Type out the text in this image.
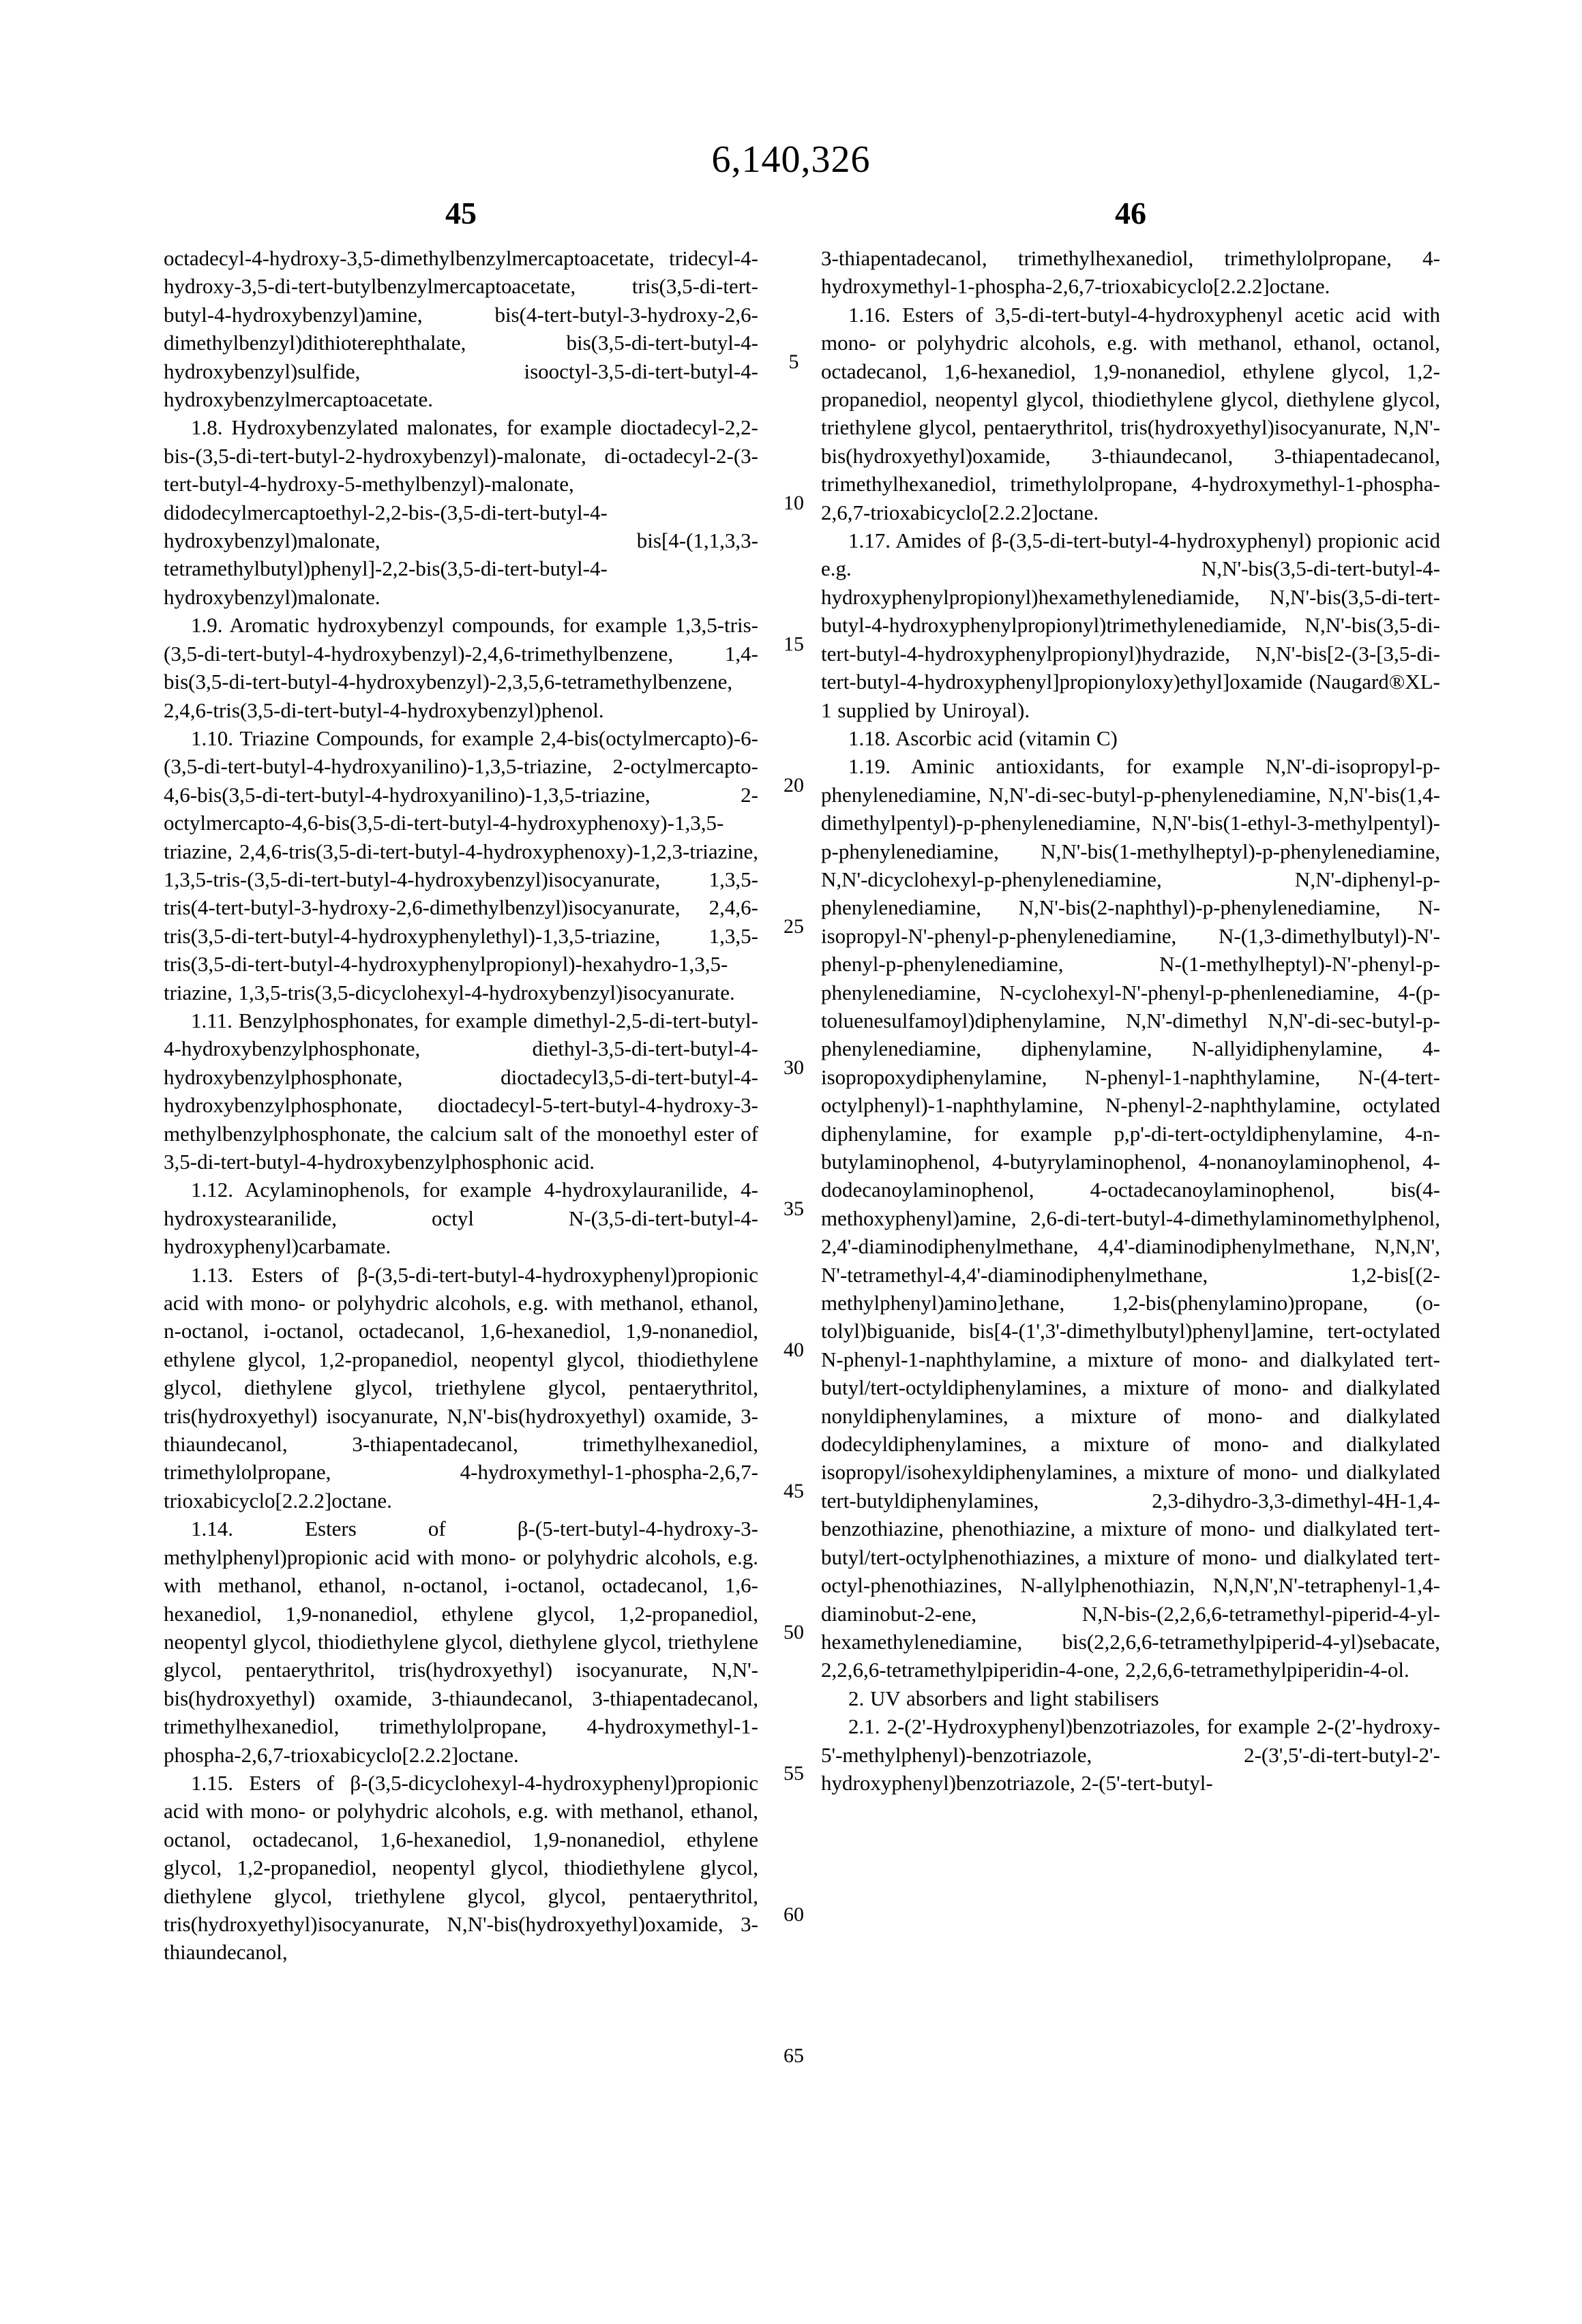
6,140,326
45	46

octadecyl-4-hydroxy-3,5-dimethylbenzylmercaptoacetate, tridecyl-4-hydroxy-3,5-di-tert-butylbenzylmercaptoacetate, tris(3,5-di-tert-butyl-4-hydroxybenzyl)amine, bis(4-tert-butyl-3-hydroxy-2,6-dimethylbenzyl)dithioterephthalate, bis(3,5-di-tert-butyl-4-hydroxybenzyl)sulfide, isooctyl-3,5-di-tert-butyl-4-hydroxybenzylmercaptoacetate.

1.8. Hydroxybenzylated malonates, for example dioctadecyl-2,2-bis-(3,5-di-tert-butyl-2-hydroxybenzyl)-malonate, di-octadecyl-2-(3-tert-butyl-4-hydroxy-5-methylbenzyl)-malonate, didodecylmercaptoethyl-2,2-bis-(3,5-di-tert-butyl-4-hydroxybenzyl)malonate, bis[4-(1,1,3,3-tetramethylbutyl)phenyl]-2,2-bis(3,5-di-tert-butyl-4-hydroxybenzyl)malonate.

1.9. Aromatic hydroxybenzyl compounds, for example 1,3,5-tris-(3,5-di-tert-butyl-4-hydroxybenzyl)-2,4,6-trimethylbenzene, 1,4-bis(3,5-di-tert-butyl-4-hydroxybenzyl)-2,3,5,6-tetramethylbenzene, 2,4,6-tris(3,5-di-tert-butyl-4-hydroxybenzyl)phenol.

1.10. Triazine Compounds, for example 2,4-bis(octylmercapto)-6-(3,5-di-tert-butyl-4-hydroxyanilino)-1,3,5-triazine, 2-octylmercapto-4,6-bis(3,5-di-tert-butyl-4-hydroxyanilino)-1,3,5-triazine, 2-octylmercapto-4,6-bis(3,5-di-tert-butyl-4-hydroxyphenoxy)-1,3,5-triazine, 2,4,6-tris(3,5-di-tert-butyl-4-hydroxyphenoxy)-1,2,3-triazine, 1,3,5-tris-(3,5-di-tert-butyl-4-hydroxybenzyl)isocyanurate, 1,3,5-tris(4-tert-butyl-3-hydroxy-2,6-dimethylbenzyl)isocyanurate, 2,4,6-tris(3,5-di-tert-butyl-4-hydroxyphenylethyl)-1,3,5-triazine, 1,3,5-tris(3,5-di-tert-butyl-4-hydroxyphenylpropionyl)-hexahydro-1,3,5-triazine, 1,3,5-tris(3,5-dicyclohexyl-4-hydroxybenzyl)isocyanurate.

1.11. Benzylphosphonates, for example dimethyl-2,5-di-tert-butyl-4-hydroxybenzylphosphonate, diethyl-3,5-di-tert-butyl-4-hydroxybenzylphosphonate, dioctadecyl3,5-di-tert-butyl-4-hydroxybenzylphosphonate, dioctadecyl-5-tert-butyl-4-hydroxy-3-methylbenzylphosphonate, the calcium salt of the monoethyl ester of 3,5-di-tert-butyl-4-hydroxybenzylphosphonic acid.

1.12. Acylaminophenols, for example 4-hydroxylauranilide, 4-hydroxystearanilide, octyl N-(3,5-di-tert-butyl-4-hydroxyphenyl)carbamate.

1.13. Esters of β-(3,5-di-tert-butyl-4-hydroxyphenyl)propionic acid with mono- or polyhydric alcohols, e.g. with methanol, ethanol, n-octanol, i-octanol, octadecanol, 1,6-hexanediol, 1,9-nonanediol, ethylene glycol, 1,2-propanediol, neopentyl glycol, thiodiethylene glycol, diethylene glycol, triethylene glycol, pentaerythritol, tris(hydroxyethyl) isocyanurate, N,N'-bis(hydroxyethyl) oxamide, 3-thiaundecanol, 3-thiapentadecanol, trimethylhexanediol, trimethylolpropane, 4-hydroxymethyl-1-phospha-2,6,7-trioxabicyclo[2.2.2]octane.

1.14. Esters of β-(5-tert-butyl-4-hydroxy-3-methylphenyl)propionic acid with mono- or polyhydric alcohols, e.g. with methanol, ethanol, n-octanol, i-octanol, octadecanol, 1,6-hexanediol, 1,9-nonanediol, ethylene glycol, 1,2-propanediol, neopentyl glycol, thiodiethylene glycol, diethylene glycol, triethylene glycol, pentaerythritol, tris(hydroxyethyl) isocyanurate, N,N'-bis(hydroxyethyl) oxamide, 3-thiaundecanol, 3-thiapentadecanol, trimethylhexanediol, trimethylolpropane, 4-hydroxymethyl-1-phospha-2,6,7-trioxabicyclo[2.2.2]octane.

1.15. Esters of β-(3,5-dicyclohexyl-4-hydroxyphenyl)propionic acid with mono- or polyhydric alcohols, e.g. with methanol, ethanol, octanol, octadecanol, 1,6-hexanediol, 1,9-nonanediol, ethylene glycol, 1,2-propanediol, neopentyl glycol, thiodiethylene glycol, diethylene glycol, triethylene glycol, glycol, pentaerythritol, tris(hydroxyethyl)isocyanurate, N,N'-bis(hydroxyethyl)oxamide, 3-thiaundecanol,

3-thiapentadecanol, trimethylhexanediol, trimethylolpropane, 4-hydroxymethyl-1-phospha-2,6,7-trioxabicyclo[2.2.2]octane.

1.16. Esters of 3,5-di-tert-butyl-4-hydroxyphenyl acetic acid with mono- or polyhydric alcohols, e.g. with methanol, ethanol, octanol, octadecanol, 1,6-hexanediol, 1,9-nonanediol, ethylene glycol, 1,2-propanediol, neopentyl glycol, thiodiethylene glycol, diethylene glycol, triethylene glycol, pentaerythritol, tris(hydroxyethyl)isocyanurate, N,N'-bis(hydroxyethyl)oxamide, 3-thiaundecanol, 3-thiapentadecanol, trimethylhexanediol, trimethylolpropane, 4-hydroxymethyl-1-phospha-2,6,7-trioxabicyclo[2.2.2]octane.

1.17. Amides of β-(3,5-di-tert-butyl-4-hydroxyphenyl) propionic acid e.g. N,N'-bis(3,5-di-tert-butyl-4-hydroxyphenylpropionyl)hexamethylenediamide, N,N'-bis(3,5-di-tert-butyl-4-hydroxyphenylpropionyl)trimethylenediamide, N,N'-bis(3,5-di-tert-butyl-4-hydroxyphenylpropionyl)hydrazide, N,N'-bis[2-(3-[3,5-di-tert-butyl-4-hydroxyphenyl]propionyloxy)ethyl]oxamide (Naugard®XL-1 supplied by Uniroyal).

1.18. Ascorbic acid (vitamin C)

1.19. Aminic antioxidants, for example N,N'-di-isopropyl-p-phenylenediamine, N,N'-di-sec-butyl-p-phenylenediamine, N,N'-bis(1,4-dimethylpentyl)-p-phenylenediamine, N,N'-bis(1-ethyl-3-methylpentyl)-p-phenylenediamine, N,N'-bis(1-methylheptyl)-p-phenylenediamine, N,N'-dicyclohexyl-p-phenylenediamine, N,N'-diphenyl-p-phenylenediamine, N,N'-bis(2-naphthyl)-p-phenylenediamine, N-isopropyl-N'-phenyl-p-phenylenediamine, N-(1,3-dimethylbutyl)-N'-phenyl-p-phenylenediamine, N-(1-methylheptyl)-N'-phenyl-p-phenylenediamine, N-cyclohexyl-N'-phenyl-p-phenlenediamine, 4-(p-toluenesulfamoyl)diphenylamine, N,N'-dimethyl N,N'-di-sec-butyl-p-phenylenediamine, diphenylamine, N-allyidiphenylamine, 4-isopropoxydiphenylamine, N-phenyl-1-naphthylamine, N-(4-tert-octylphenyl)-1-naphthylamine, N-phenyl-2-naphthylamine, octylated diphenylamine, for example p,p'-di-tert-octyldiphenylamine, 4-n-butylaminophenol, 4-butyrylaminophenol, 4-nonanoylaminophenol, 4-dodecanoylaminophenol, 4-octadecanoylaminophenol, bis(4-methoxyphenyl)amine, 2,6-di-tert-butyl-4-dimethylaminomethylphenol, 2,4'-diaminodiphenylmethane, 4,4'-diaminodiphenylmethane, N,N,N', N'-tetramethyl-4,4'-diaminodiphenylmethane, 1,2-bis[(2-methylphenyl)amino]ethane, 1,2-bis(phenylamino)propane, (o-tolyl)biguanide, bis[4-(1',3'-dimethylbutyl)phenyl]amine, tert-octylated N-phenyl-1-naphthylamine, a mixture of mono- and dialkylated tert-butyl/tert-octyldiphenylamines, a mixture of mono- and dialkylated nonyldiphenylamines, a mixture of mono- and dialkylated dodecyldiphenylamines, a mixture of mono- and dialkylated isopropyl/isohexyldiphenylamines, a mixture of mono- und dialkylated tert-butyldiphenylamines, 2,3-dihydro-3,3-dimethyl-4H-1,4-benzothiazine, phenothiazine, a mixture of mono- und dialkylated tert-butyl/tert-octylphenothiazines, a mixture of mono- und dialkylated tert-octyl-phenothiazines, N-allylphenothiazin, N,N,N',N'-tetraphenyl-1,4-diaminobut-2-ene, N,N-bis-(2,2,6,6-tetramethyl-piperid-4-yl-hexamethylenediamine, bis(2,2,6,6-tetramethylpiperid-4-yl)sebacate, 2,2,6,6-tetramethylpiperidin-4-one, 2,2,6,6-tetramethylpiperidin-4-ol.

2. UV absorbers and light stabilisers

2.1. 2-(2'-Hydroxyphenyl)benzotriazoles, for example 2-(2'-hydroxy-5'-methylphenyl)-benzotriazole, 2-(3',5'-di-tert-butyl-2'-hydroxyphenyl)benzotriazole, 2-(5'-tert-butyl-

5
10
15
20
25
30
35
40
45
50
55
60
65
